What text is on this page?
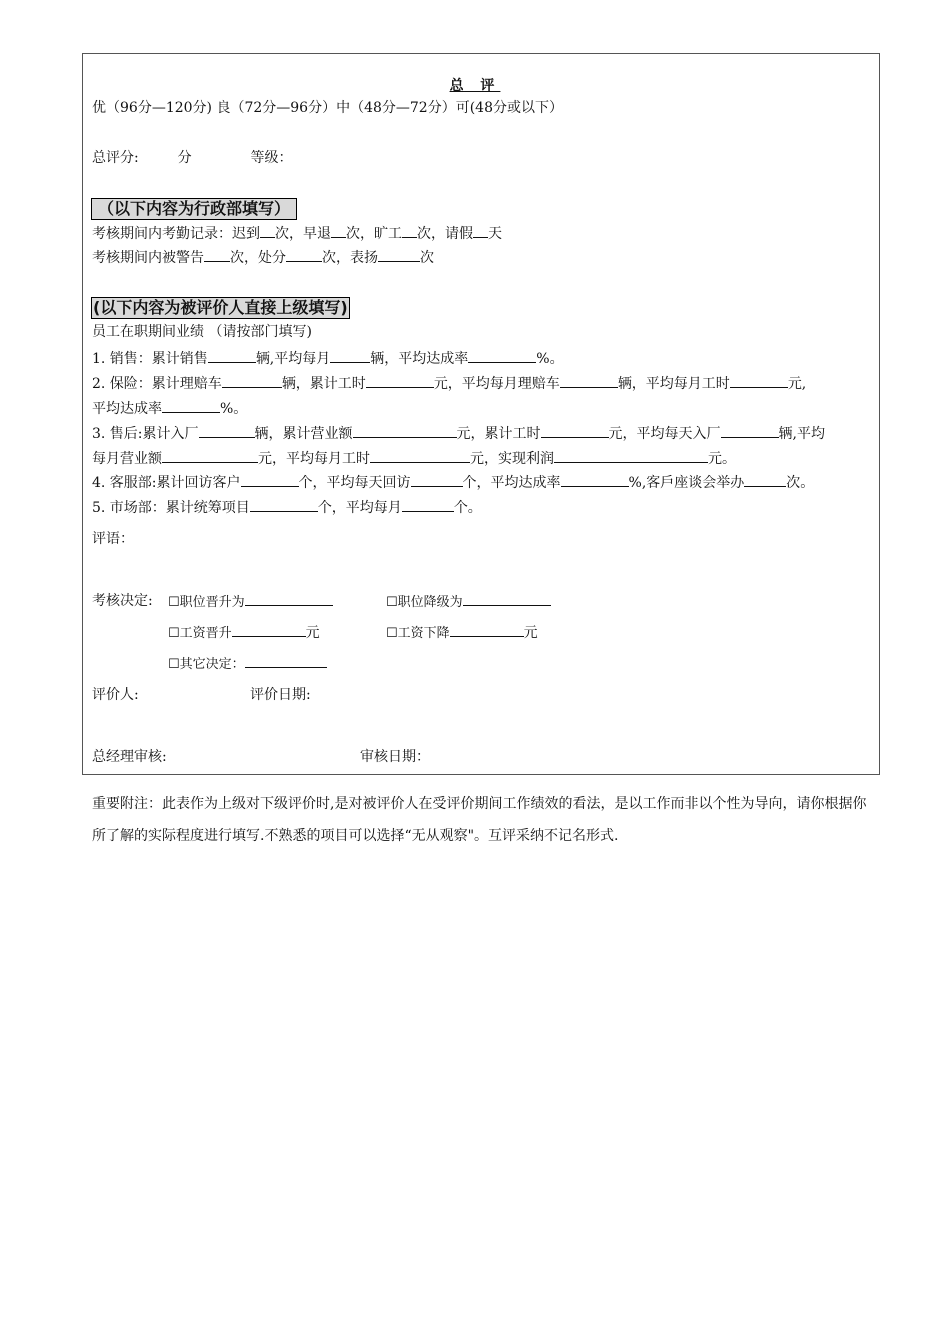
总 评
优（96分—120分) 良（72分—96分）中（48分—72分）可(48分或以下）
总评分:	分	等级：
（以下内容为行政部填写）
考核期间内考勤记录：迟到 次，早退 次，旷工 次，请假 天
考核期间内被警告 次，处分	次，表扬	次
(以下内容为被评价人直接上级填写)
员工在职期间业绩 （请按部门填写)
1. 销售：累计销售	辆,平均每月	辆，平均达成率	%。
2. 保险：累计理赔车	辆，累计工时	元，平均每月理赔车	辆，平均每月工时	元,
平均达成率	%。
3. 售后:累计入厂	辆，累计营业额	元，累计工时	元，平均每天入厂	辆,平均
每月营业额	元，平均每月工时	元，实现利润	元。
4. 客服部:累计回访客户	个，平均每天回访	个，平均达成率	%,客戶座谈会举办	次。
5. 市场部：累计统筹项目	个，平均每月	个。
评语：
考核决定: ☐职位晋升为	☐职位降级为
☐工资晋升	元	☐工资下降	元
☐其它决定：
评价人:	评价日期:
总经理审核:	审核日期：
重要附注：此表作为上级对下级评价时,是对被评价人在受评价期间工作绩效的看法，是以工作而非以个性为导向，请你根据你所了解的实际程度进行填写.不熟悉的项目可以选择“无从观察"。互评采纳不记名形式.
